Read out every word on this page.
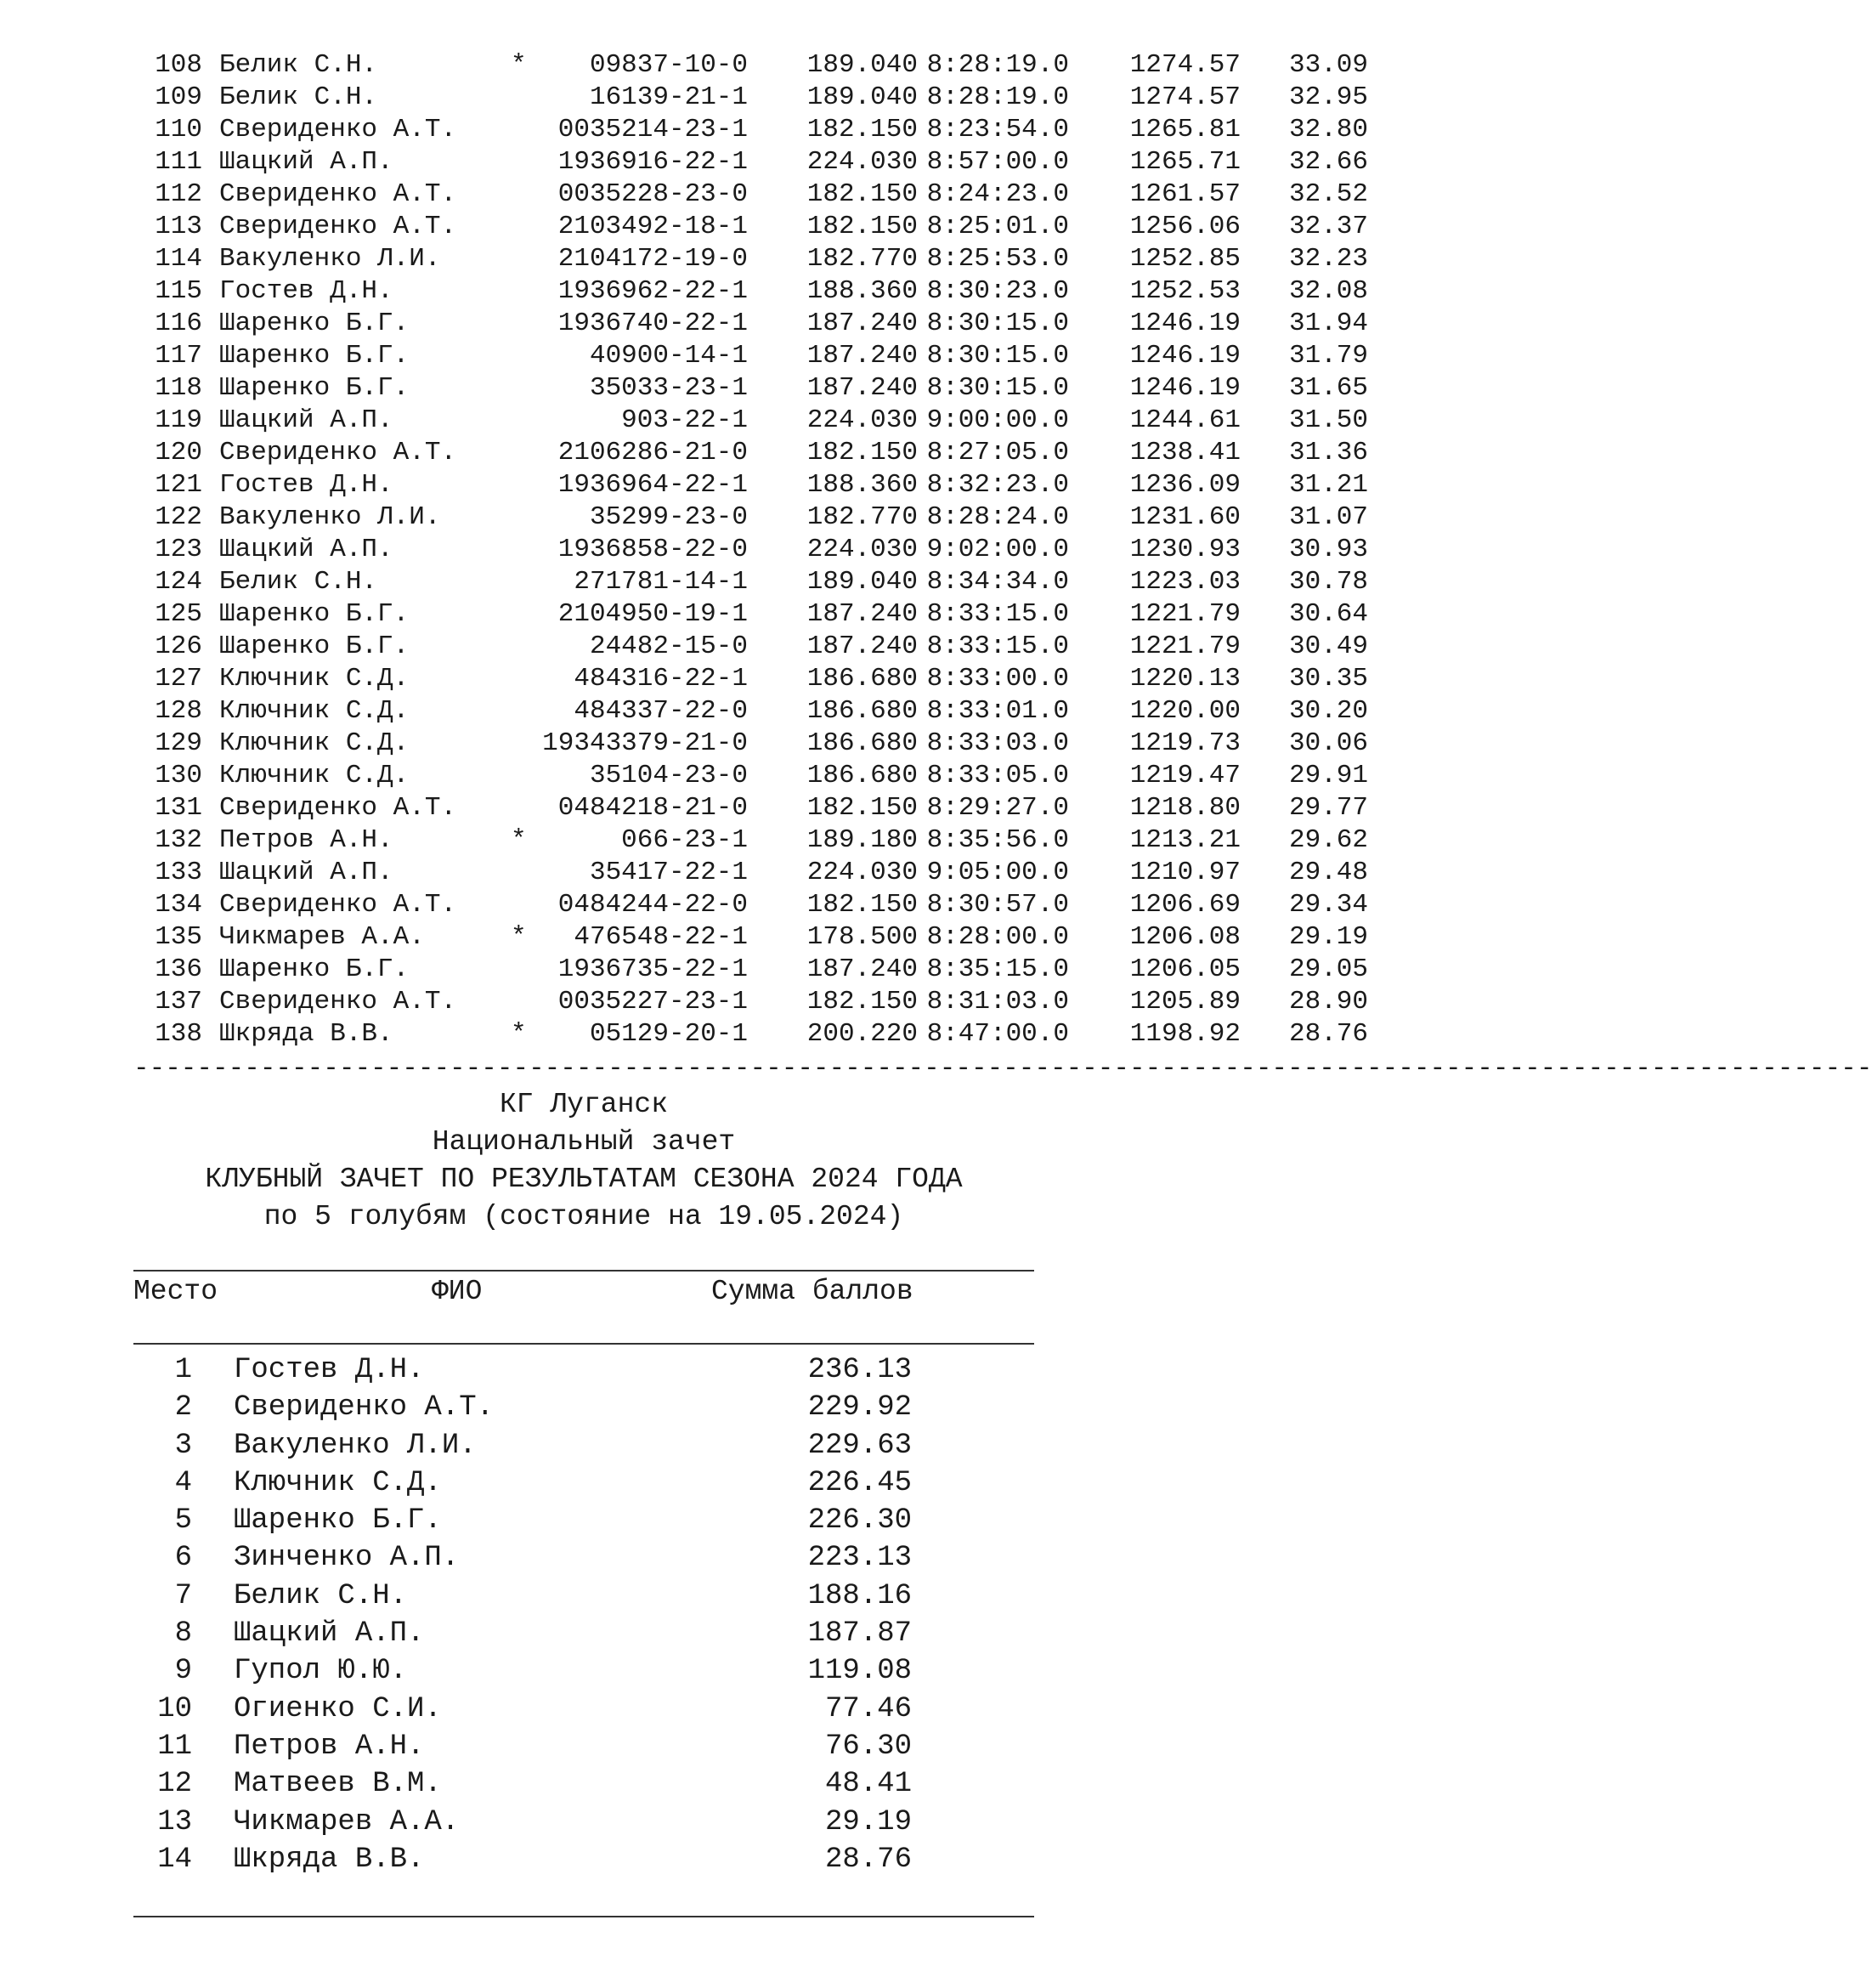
108 Белик С.Н.	* 09837-10-0 189.040 8:28:19.0 1274.57 33.09
109 Белик С.Н.	16139-21-1 189.040 8:28:19.0 1274.57 32.95
110 Свериденко А.Т.	0035214-23-1 182.150 8:23:54.0 1265.81 32.80
111 Шацкий А.П.	1936916-22-1 224.030 8:57:00.0 1265.71 32.66
112 Свериденко А.Т.	0035228-23-0 182.150 8:24:23.0 1261.57 32.52
113 Свериденко А.Т.	2103492-18-1 182.150 8:25:01.0 1256.06 32.37
114 Вакуленко Л.И.	2104172-19-0 182.770 8:25:53.0 1252.85 32.23
115 Гостев Д.Н.	1936962-22-1 188.360 8:30:23.0 1252.53 32.08
116 Шаренко Б.Г.	1936740-22-1 187.240 8:30:15.0 1246.19 31.94
117 Шаренко Б.Г.	40900-14-1 187.240 8:30:15.0 1246.19 31.79
118 Шаренко Б.Г.	35033-23-1 187.240 8:30:15.0 1246.19 31.65
119 Шацкий А.П.	903-22-1 224.030 9:00:00.0 1244.61 31.50
120 Свериденко А.Т.	2106286-21-0 182.150 8:27:05.0 1238.41 31.36
121 Гостев Д.Н.	1936964-22-1 188.360 8:32:23.0 1236.09 31.21
122 Вакуленко Л.И.	35299-23-0 182.770 8:28:24.0 1231.60 31.07
123 Шацкий А.П.	1936858-22-0 224.030 9:02:00.0 1230.93 30.93
124 Белик С.Н.	271781-14-1 189.040 8:34:34.0 1223.03 30.78
125 Шаренко Б.Г.	2104950-19-1 187.240 8:33:15.0 1221.79 30.64
126 Шаренко Б.Г.	24482-15-0 187.240 8:33:15.0 1221.79 30.49
127 Ключник С.Д.	484316-22-1 186.680 8:33:00.0 1220.13 30.35
128 Ключник С.Д.	484337-22-0 186.680 8:33:01.0 1220.00 30.20
129 Ключник С.Д.	19343379-21-0 186.680 8:33:03.0 1219.73 30.06
130 Ключник С.Д.	35104-23-0 186.680 8:33:05.0 1219.47 29.91
131 Свериденко А.Т.	0484218-21-0 182.150 8:29:27.0 1218.80 29.77
132 Петров А.Н.	*	066-23-1 189.180 8:35:56.0 1213.21 29.62
133 Шацкий А.П.	35417-22-1 224.030 9:05:00.0 1210.97 29.48
134 Свериденко А.Т.	0484244-22-0 182.150 8:30:57.0 1206.69 29.34
135 Чикмарев А.А.	* 476548-22-1 178.500 8:28:00.0 1206.08 29.19
136 Шаренко Б.Г.	1936735-22-1 187.240 8:35:15.0 1206.05 29.05
137 Свериденко А.Т.	0035227-23-1 182.150 8:31:03.0 1205.89 28.90
138 Шкряда В.В.	* 05129-20-1 200.220 8:47:00.0 1198.92 28.76
--------------------------------------------------------------------------------------------------------------
КГ Луганск
Национальный зачет
КЛУБНЫЙ ЗАЧЕТ ПО РЕЗУЛЬТАТАМ СЕЗОНА 2024 ГОДА
по 5 голубям (состояние на 19.05.2024)
Место	ФИО	Сумма баллов
1 Гостев Д.Н.	236.13
2 Свериденко А.Т.	229.92
3 Вакуленко Л.И.	229.63
4 Ключник С.Д.	226.45
5 Шаренко Б.Г.	226.30
6 Зинченко А.П.	223.13
7 Белик С.Н.	188.16
8 Шацкий А.П.	187.87
9 Гупол Ю.Ю.	119.08
10 Огиенко С.И.	77.46
11 Петров А.Н.	76.30
12 Матвеев В.М.	48.41
13 Чикмарев А.А.	29.19
14 Шкряда В.В.	28.76
